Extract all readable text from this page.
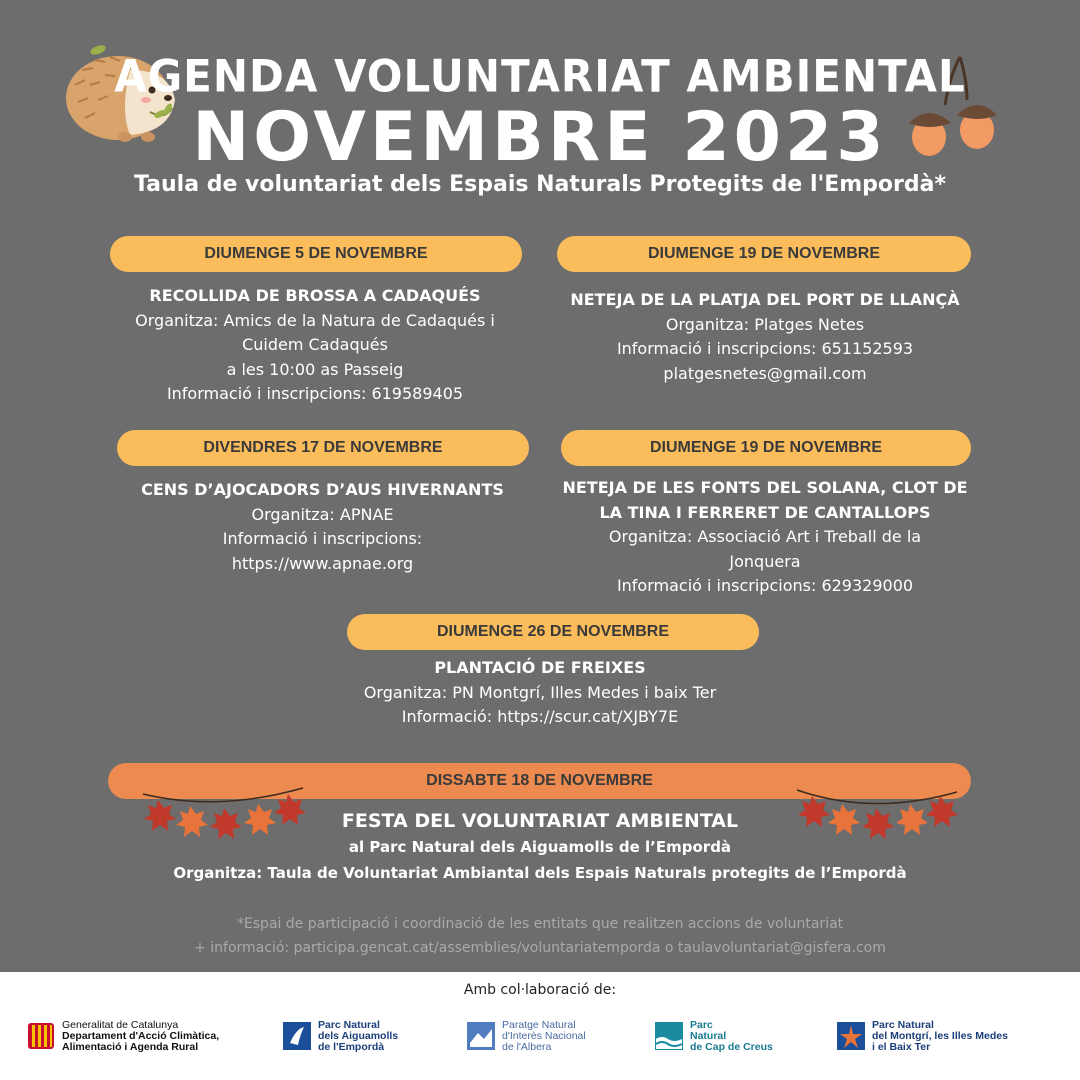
AGENDA VOLUNTARIAT AMBIENTAL
NOVEMBRE 2023
Taula de voluntariat dels Espais Naturals Protegits de l'Empordà*
DIUMENGE 5 DE NOVEMBRE
RECOLLIDA DE BROSSA A CADAQUÉS
Organitza: Amics de la Natura de Cadaqués i
Cuidem Cadaqués
a les 10:00 as Passeig
Informació i inscripcions: 619589405
DIUMENGE 19 DE NOVEMBRE
NETEJA DE LA PLATJA DEL PORT DE LLANÇÀ
Organitza: Platges Netes
Informació i inscripcions: 651152593
platgesnetes@gmail.com
DIVENDRES 17 DE NOVEMBRE
CENS D’AJOCADORS D’AUS HIVERNANTS
Organitza: APNAE
Informació i inscripcions:
https://www.apnae.org
DIUMENGE 19 DE NOVEMBRE
NETEJA DE LES FONTS DEL SOLANA, CLOT DE
LA TINA I FERRERET DE CANTALLOPS
Organitza: Associació Art i Treball de la
Jonquera
Informació i inscripcions: 629329000
DIUMENGE 26 DE NOVEMBRE
PLANTACIÓ DE FREIXES
Organitza: PN Montgrí, Illes Medes i baix Ter
Informació: https://scur.cat/XJBY7E
DISSABTE 18 DE NOVEMBRE
FESTA DEL VOLUNTARIAT AMBIENTAL
al Parc Natural dels Aiguamolls de l’Empordà
Organitza: Taula de Voluntariat Ambiantal dels Espais Naturals protegits de l’Empordà
*Espai de participació i coordinació de les entitats que realitzen accions de voluntariat
+ informació: participa.gencat.cat/assemblies/voluntariatemporda o taulavoluntariat@gisfera.com
Amb col·laboració de:
Generalitat de Catalunya
Departament d'Acció Climàtica,
Alimentació i Agenda Rural
Parc Natural
dels Aiguamolls
de l'Empordà
Paratge Natural
d'Interès Nacional
de l'Albera
Parc
Natural
de Cap de Creus
Parc Natural
del Montgrí, les Illes Medes
i el Baix Ter
